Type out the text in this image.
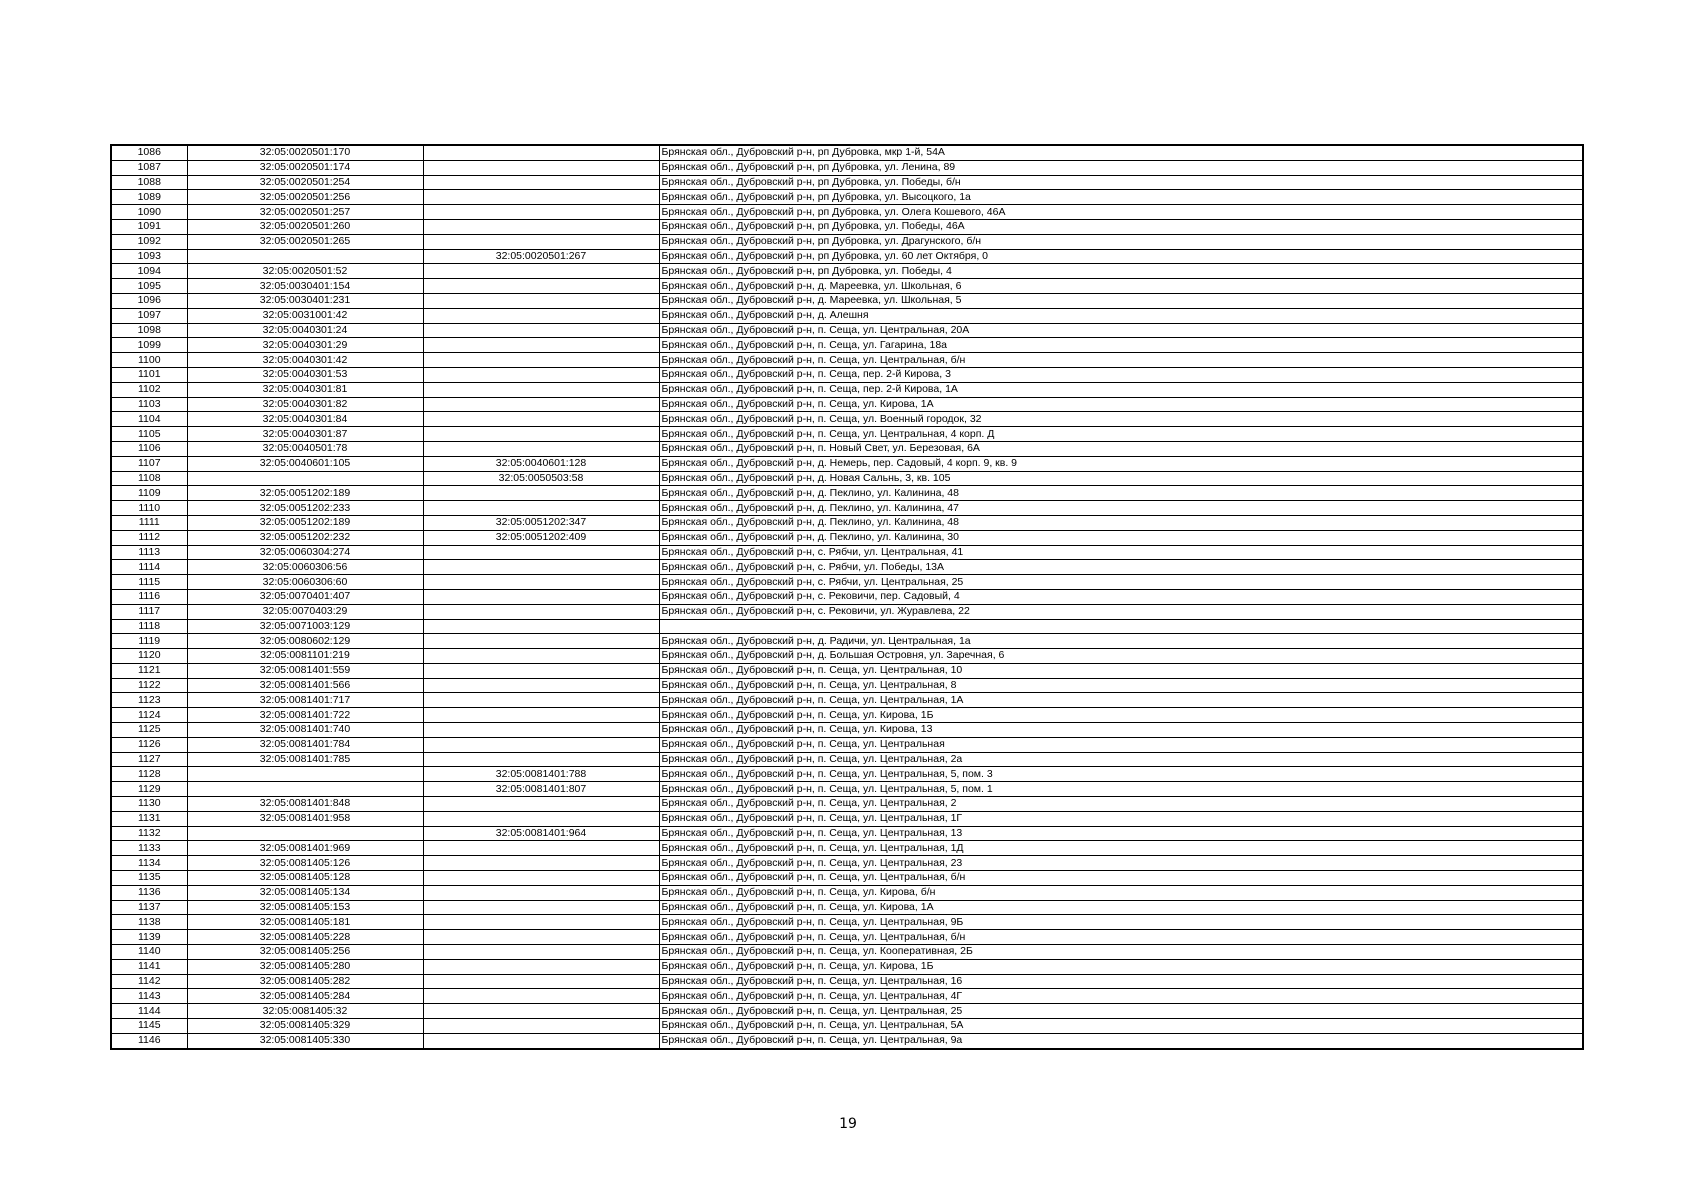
1086	32:05:0020501:170		Брянская обл., Дубровский р-н, рп Дубровка, мкр 1-й, 54А
1087	32:05:0020501:174		Брянская обл., Дубровский р-н, рп Дубровка, ул. Ленина, 89
1088	32:05:0020501:254		Брянская обл., Дубровский р-н, рп Дубровка, ул. Победы, б/н
1089	32:05:0020501:256		Брянская обл., Дубровский р-н, рп Дубровка, ул. Высоцкого, 1а
1090	32:05:0020501:257		Брянская обл., Дубровский р-н, рп Дубровка, ул. Олега Кошевого, 46А
1091	32:05:0020501:260		Брянская обл., Дубровский р-н, рп Дубровка, ул. Победы, 46А
1092	32:05:0020501:265		Брянская обл., Дубровский р-н, рп Дубровка, ул. Драгунского, б/н
1093		32:05:0020501:267	Брянская обл., Дубровский р-н, рп Дубровка, ул. 60 лет Октября, 0
1094	32:05:0020501:52		Брянская обл., Дубровский р-н, рп Дубровка, ул. Победы, 4
1095	32:05:0030401:154		Брянская обл., Дубровский р-н, д. Мареевка, ул. Школьная, 6
1096	32:05:0030401:231		Брянская обл., Дубровский р-н, д. Мареевка, ул. Школьная, 5
1097	32:05:0031001:42		Брянская обл., Дубровский р-н, д. Алешня
1098	32:05:0040301:24		Брянская обл., Дубровский р-н, п. Сеща, ул. Центральная, 20А
1099	32:05:0040301:29		Брянская обл., Дубровский р-н, п. Сеща, ул. Гагарина, 18а
1100	32:05:0040301:42		Брянская обл., Дубровский р-н, п. Сеща, ул. Центральная, б/н
1101	32:05:0040301:53		Брянская обл., Дубровский р-н, п. Сеща, пер. 2-й Кирова, 3
1102	32:05:0040301:81		Брянская обл., Дубровский р-н, п. Сеща, пер. 2-й Кирова, 1А
1103	32:05:0040301:82		Брянская обл., Дубровский р-н, п. Сеща, ул. Кирова, 1А
1104	32:05:0040301:84		Брянская обл., Дубровский р-н, п. Сеща, ул. Военный городок, 32
1105	32:05:0040301:87		Брянская обл., Дубровский р-н, п. Сеща, ул. Центральная, 4 корп. Д
1106	32:05:0040501:78		Брянская обл., Дубровский р-н, п. Новый Свет, ул. Березовая, 6А
1107	32:05:0040601:105	32:05:0040601:128	Брянская обл., Дубровский р-н, д. Немерь, пер. Садовый, 4 корп. 9, кв. 9
1108		32:05:0050503:58	Брянская обл., Дубровский р-н, д. Новая Сальнь, 3, кв. 105
1109	32:05:0051202:189		Брянская обл., Дубровский р-н, д. Пеклино, ул. Калинина, 48
1110	32:05:0051202:233		Брянская обл., Дубровский р-н, д. Пеклино, ул. Калинина, 47
1111	32:05:0051202:189	32:05:0051202:347	Брянская обл., Дубровский р-н, д. Пеклино, ул. Калинина, 48
1112	32:05:0051202:232	32:05:0051202:409	Брянская обл., Дубровский р-н, д. Пеклино, ул. Калинина, 30
1113	32:05:0060304:274		Брянская обл., Дубровский р-н, с. Рябчи, ул. Центральная, 41
1114	32:05:0060306:56		Брянская обл., Дубровский р-н, с. Рябчи, ул. Победы, 13А
1115	32:05:0060306:60		Брянская обл., Дубровский р-н, с. Рябчи, ул. Центральная, 25
1116	32:05:0070401:407		Брянская обл., Дубровский р-н, с. Рековичи, пер. Садовый, 4
1117	32:05:0070403:29		Брянская обл., Дубровский р-н, с. Рековичи, ул. Журавлева, 22
1118	32:05:0071003:129		
1119	32:05:0080602:129		Брянская обл., Дубровский р-н, д. Радичи, ул. Центральная, 1а
1120	32:05:0081101:219		Брянская обл., Дубровский р-н, д. Большая Островня, ул. Заречная, 6
1121	32:05:0081401:559		Брянская обл., Дубровский р-н, п. Сеща, ул. Центральная, 10
1122	32:05:0081401:566		Брянская обл., Дубровский р-н, п. Сеща, ул. Центральная, 8
1123	32:05:0081401:717		Брянская обл., Дубровский р-н, п. Сеща, ул. Центральная, 1А
1124	32:05:0081401:722		Брянская обл., Дубровский р-н, п. Сеща, ул. Кирова, 1Б
1125	32:05:0081401:740		Брянская обл., Дубровский р-н, п. Сеща, ул. Кирова, 13
1126	32:05:0081401:784		Брянская обл., Дубровский р-н, п. Сеща, ул. Центральная
1127	32:05:0081401:785		Брянская обл., Дубровский р-н, п. Сеща, ул. Центральная, 2а
1128		32:05:0081401:788	Брянская обл., Дубровский р-н, п. Сеща, ул. Центральная, 5, пом. 3
1129		32:05:0081401:807	Брянская обл., Дубровский р-н, п. Сеща, ул. Центральная, 5, пом. 1
1130	32:05:0081401:848		Брянская обл., Дубровский р-н, п. Сеща, ул. Центральная, 2
1131	32:05:0081401:958		Брянская обл., Дубровский р-н, п. Сеща, ул. Центральная, 1Г
1132		32:05:0081401:964	Брянская обл., Дубровский р-н, п. Сеща, ул. Центральная, 13
1133	32:05:0081401:969		Брянская обл., Дубровский р-н, п. Сеща, ул. Центральная, 1Д
1134	32:05:0081405:126		Брянская обл., Дубровский р-н, п. Сеща, ул. Центральная, 23
1135	32:05:0081405:128		Брянская обл., Дубровский р-н, п. Сеща, ул. Центральная, б/н
1136	32:05:0081405:134		Брянская обл., Дубровский р-н, п. Сеща, ул. Кирова, б/н
1137	32:05:0081405:153		Брянская обл., Дубровский р-н, п. Сеща, ул. Кирова, 1А
1138	32:05:0081405:181		Брянская обл., Дубровский р-н, п. Сеща, ул. Центральная, 9Б
1139	32:05:0081405:228		Брянская обл., Дубровский р-н, п. Сеща, ул. Центральная, б/н
1140	32:05:0081405:256		Брянская обл., Дубровский р-н, п. Сеща, ул. Кооперативная, 2Б
1141	32:05:0081405:280		Брянская обл., Дубровский р-н, п. Сеща, ул. Кирова, 1Б
1142	32:05:0081405:282		Брянская обл., Дубровский р-н, п. Сеща, ул. Центральная, 16
1143	32:05:0081405:284		Брянская обл., Дубровский р-н, п. Сеща, ул. Центральная, 4Г
1144	32:05:0081405:32		Брянская обл., Дубровский р-н, п. Сеща, ул. Центральная, 25
1145	32:05:0081405:329		Брянская обл., Дубровский р-н, п. Сеща, ул. Центральная, 5А
1146	32:05:0081405:330		Брянская обл., Дубровский р-н, п. Сеща, ул. Центральная, 9а
19
